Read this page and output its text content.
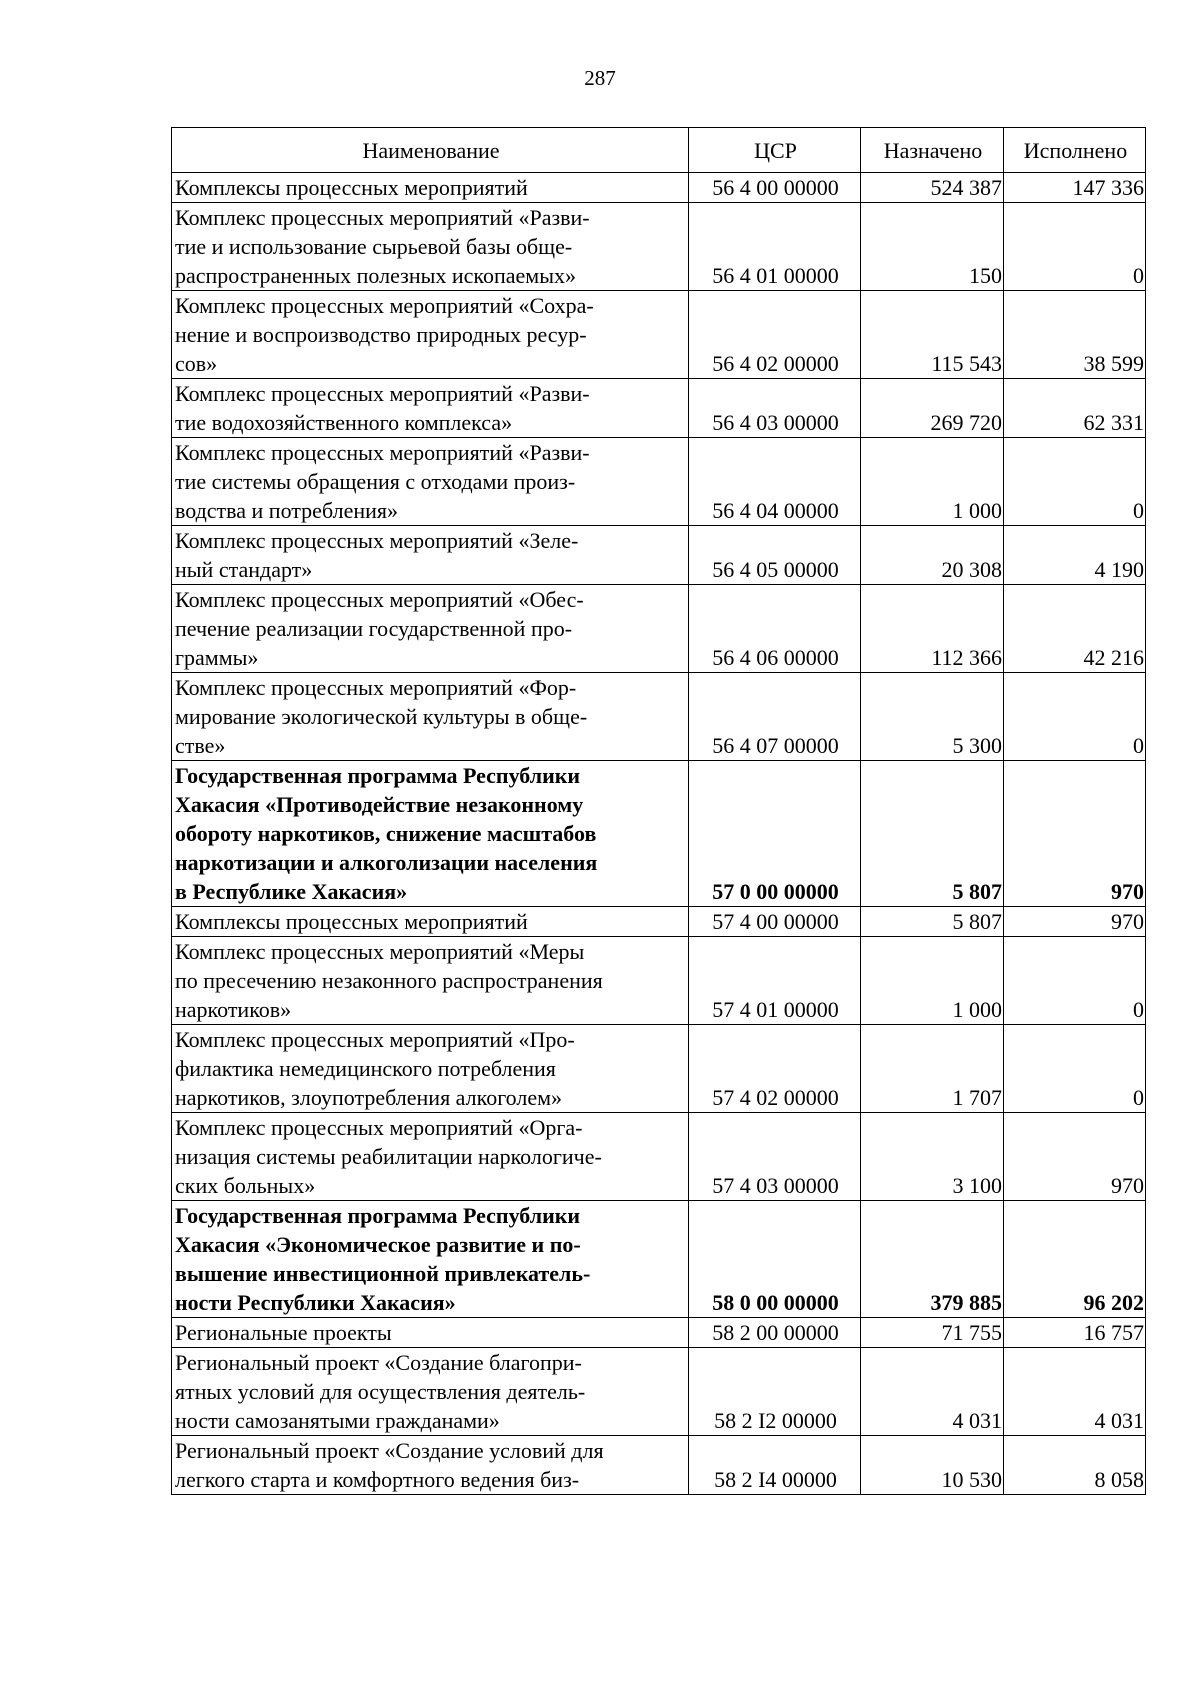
287
Наименование	ЦСР	Назначено	Исполнено
Комплексы процессных мероприятий	56 4 00 00000	524 387	147 336
Комплекс процессных мероприятий «Разви-
тие и использование сырьевой базы обще-
распространенных полезных ископаемых»	56 4 01 00000	150	0
Комплекс процессных мероприятий «Сохра-
нение и воспроизводство природных ресур-
сов»	56 4 02 00000	115 543	38 599
Комплекс процессных мероприятий «Разви-
тие водохозяйственного комплекса»	56 4 03 00000	269 720	62 331
Комплекс процессных мероприятий «Разви-
тие системы обращения с отходами произ-
водства и потребления»	56 4 04 00000	1 000	0
Комплекс процессных мероприятий «Зеле-
ный стандарт»	56 4 05 00000	20 308	4 190
Комплекс процессных мероприятий «Обес-
печение реализации государственной про-
граммы»	56 4 06 00000	112 366	42 216
Комплекс процессных мероприятий «Фор-
мирование экологической культуры в обще-
стве»	56 4 07 00000	5 300	0
Государственная программа Республики
Хакасия «Противодействие незаконному
обороту наркотиков, снижение масштабов
наркотизации и алкоголизации населения
в Республике Хакасия»	57 0 00 00000	5 807	970
Комплексы процессных мероприятий	57 4 00 00000	5 807	970
Комплекс процессных мероприятий «Меры
по пресечению незаконного распространения
наркотиков»	57 4 01 00000	1 000	0
Комплекс процессных мероприятий «Про-
филактика немедицинского потребления
наркотиков, злоупотребления алкоголем»	57 4 02 00000	1 707	0
Комплекс процессных мероприятий «Орга-
низация системы реабилитации наркологиче-
ских больных»	57 4 03 00000	3 100	970
Государственная программа Республики
Хакасия «Экономическое развитие и по-
вышение инвестиционной привлекатель-
ности Республики Хакасия»	58 0 00 00000	379 885	96 202
Региональные проекты	58 2 00 00000	71 755	16 757
Региональный проект «Создание благопри-
ятных условий для осуществления деятель-
ности самозанятыми гражданами»	58 2 I2 00000	4 031	4 031
Региональный проект «Создание условий для
легкого старта и комфортного ведения биз-	58 2 I4 00000	10 530	8 058
